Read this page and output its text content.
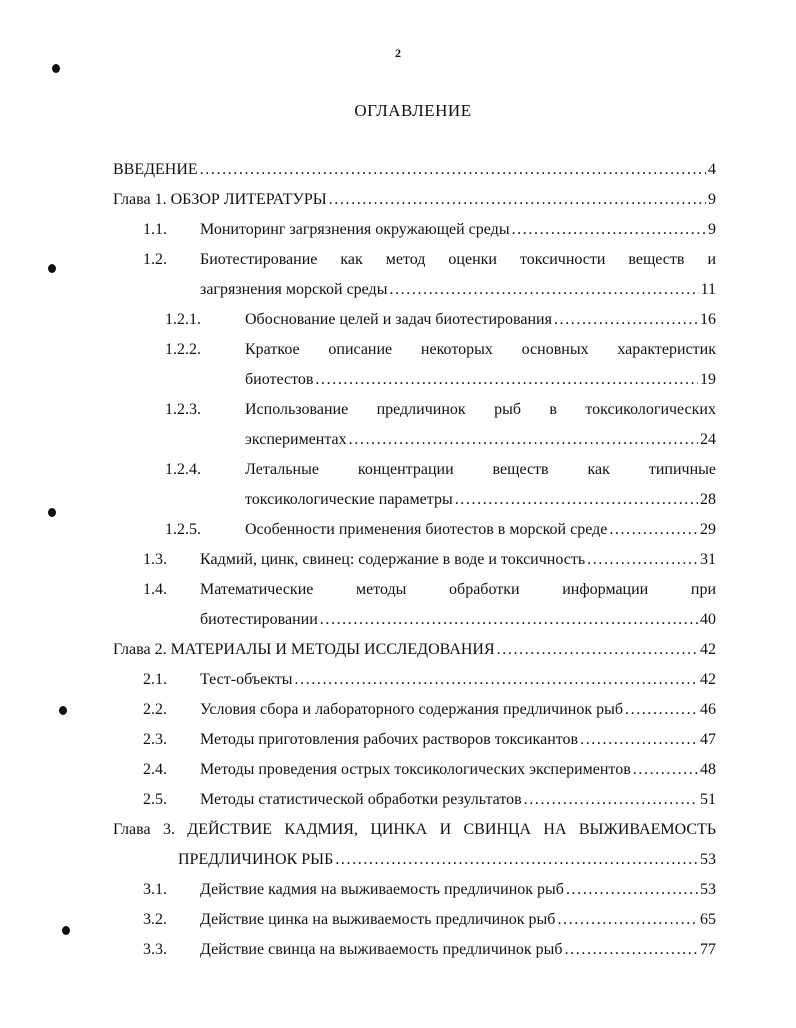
2
ОГЛАВЛЕНИЕ
ВВЕДЕНИЕ . . .	4
Глава 1. ОБЗОР ЛИТЕРАТУРЫ . . .	9
1.1. Мониторинг загрязнения окружающей среды . . .	9
1.2. Биотестирование как метод оценки токсичности веществ и
загрязнения морской среды . . .	11
1.2.1.	Обоснование целей и задач биотестирования . . .	16
1.2.2.	Краткое описание некоторых основных характеристик
биотестов . . .	19
1.2.3.	Использование предличинок рыб в токсикологических
экспериментах . . .	24
1.2.4.	Летальные концентрации веществ как типичные
токсикологические параметры . . .	28
1.2.5.	Особенности применения биотестов в морской среде . . .	29
1.3. Кадмий, цинк, свинец: содержание в воде и токсичность . . .	31
1.4. Математические методы обработки информации при
биотестировании . . .	40
Глава 2. МАТЕРИАЛЫ И МЕТОДЫ ИССЛЕДОВАНИЯ . . .	42
2.1. Тест-объекты . . .	42
2.2. Условия сбора и лабораторного содержания предличинок рыб . . .	46
2.3. Методы приготовления рабочих растворов токсикантов . . .	47
2.4. Методы проведения острых токсикологических экспериментов . . .	48
2.5. Методы статистической обработки результатов . . .	51
Глава 3. ДЕЙСТВИЕ КАДМИЯ, ЦИНКА И СВИНЦА НА ВЫЖИВАЕМОСТЬ
ПРЕДЛИЧИНОК РЫБ . . .	53
3.1. Действие кадмия на выживаемость предличинок рыб . . .	53
3.2. Действие цинка на выживаемость предличинок рыб . . .	65
3.3. Действие свинца на выживаемость предличинок рыб . . .	77
